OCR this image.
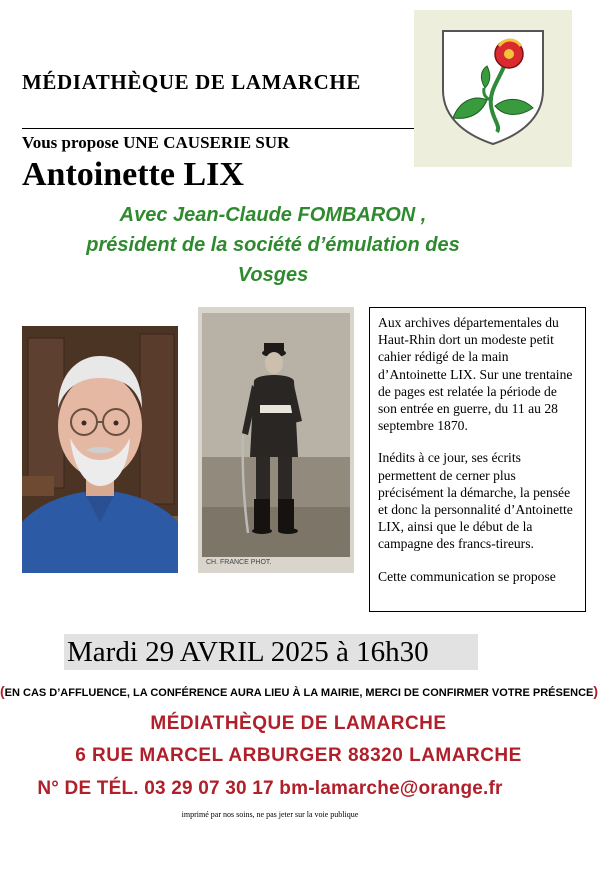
MÉDIATHÈQUE DE LAMARCHE
Vous propose UNE CAUSERIE SUR
Antoinette LIX
Avec Jean-Claude FOMBARON ,
président de la société d’émulation des
Vosges
CH. FRANCE PHOT.

Aux archives départementales du Haut-Rhin dort un modeste petit cahier rédigé de la main d’Antoinette LIX. Sur une trentaine de pages est relatée la période de son entrée en guerre, du 11 au 28 septembre 1870.

Inédits à ce jour, ses écrits permettent de cerner plus précisément la démarche, la pensée et donc la personnalité d’Antoinette LIX, ainsi que le début de la campagne des francs-tireurs.

Cette communication se propose

Mardi 29 AVRIL 2025 à 16h30
(EN CAS D’AFFLUENCE, LA CONFÉRENCE AURA LIEU À LA MAIRIE, MERCI DE CONFIRMER VOTRE PRÉSENCE)
MÉDIATHÈQUE DE LAMARCHE
6 RUE MARCEL ARBURGER 88320 LAMARCHE
N° DE TÉL. 03 29 07 30 17 bm-lamarche@orange.fr
imprimé par nos soins, ne pas jeter sur la voie publique
